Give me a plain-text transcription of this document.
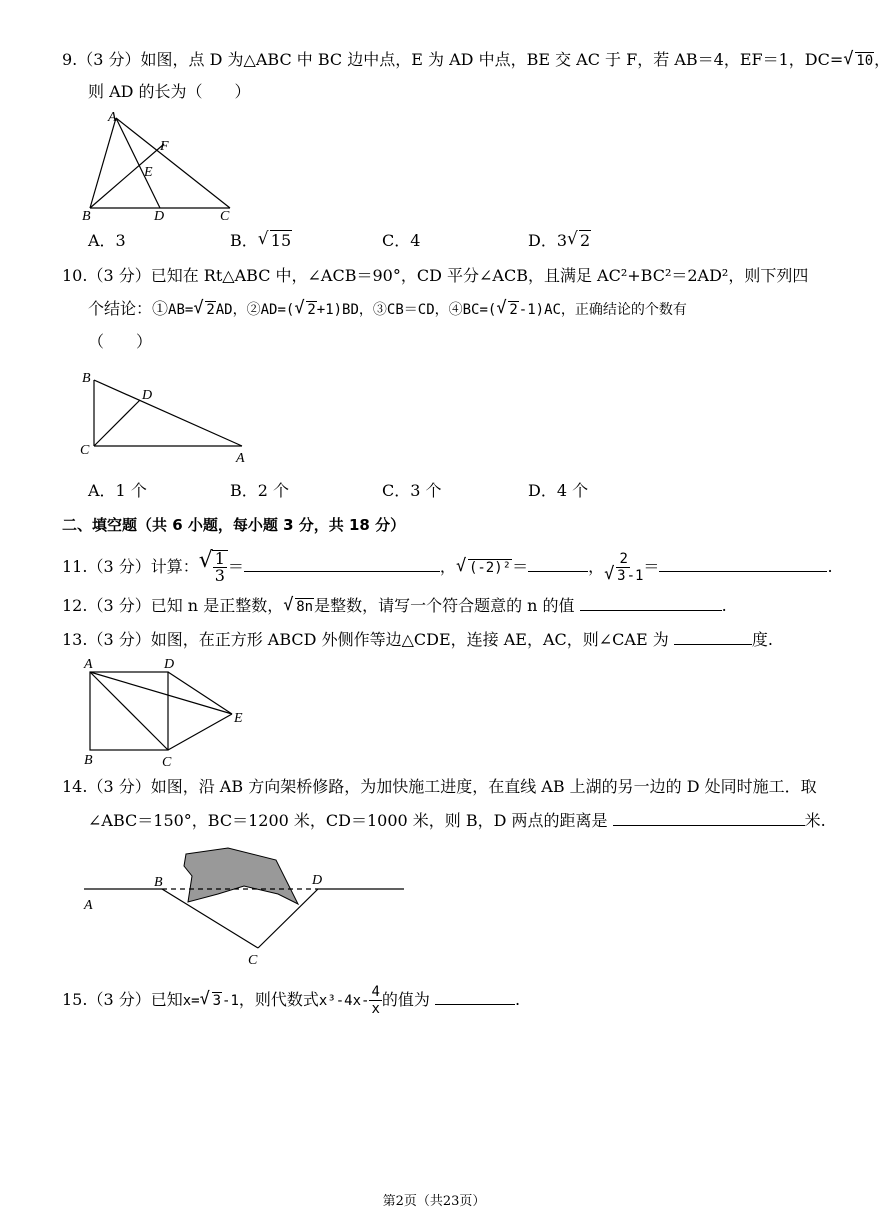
9.（3 分）如图，点 D 为△ABC 中 BC 边中点，E 为 AD 中点，BE 交 AC 于 F，若 AB＝4，EF＝1，DC= √ 10，
则 AD 的长为（　　）
A
B	C
D
E
F
A．3	B． √ 15	C．4	D．3 √ 2
10.（3 分）已知在 Rt△ABC 中，∠ACB＝90°，CD 平分∠ACB，且满足 AC²+BC²＝2AD²，则下列四
个结论：①AB= √ 2AD，②AD=( √ 2+1)BD，③CB＝CD，④BC=( √ 2-1)AC，正确结论的个数有
（　　）
B
D
C
A
A．1 个	B．2 个	C．3 个	D．4 个
二、填空题（共 6 小题，每小题 3 分，共 18 分）
11.（3 分）计算： √ $\frac{1}{3}$ ＝	， √ (-2)²＝	， $\frac{2}{√ 3-1}$ ＝	.
12.（3 分）已知 n 是正整数， √ 8n是整数，请写一个符合题意的 n 的值	.
13.（3 分）如图，在正方形 ABCD 外侧作等边△CDE，连接 AE，AC，则∠CAE 为	度.
A	D
E
B	C
14.（3 分）如图，沿 AB 方向架桥修路，为加快施工进度，在直线 AB 上湖的另一边的 D 处同时施工．取
∠ABC＝150°，BC＝1200 米，CD＝1000 米，则 B，D 两点的距离是	米.
A
B	D
C
15.（3 分）已知x= √ 3-1，则代数式$x^3-4x- \frac{4}{x}$ 的值为	.
第2页（共23页）
